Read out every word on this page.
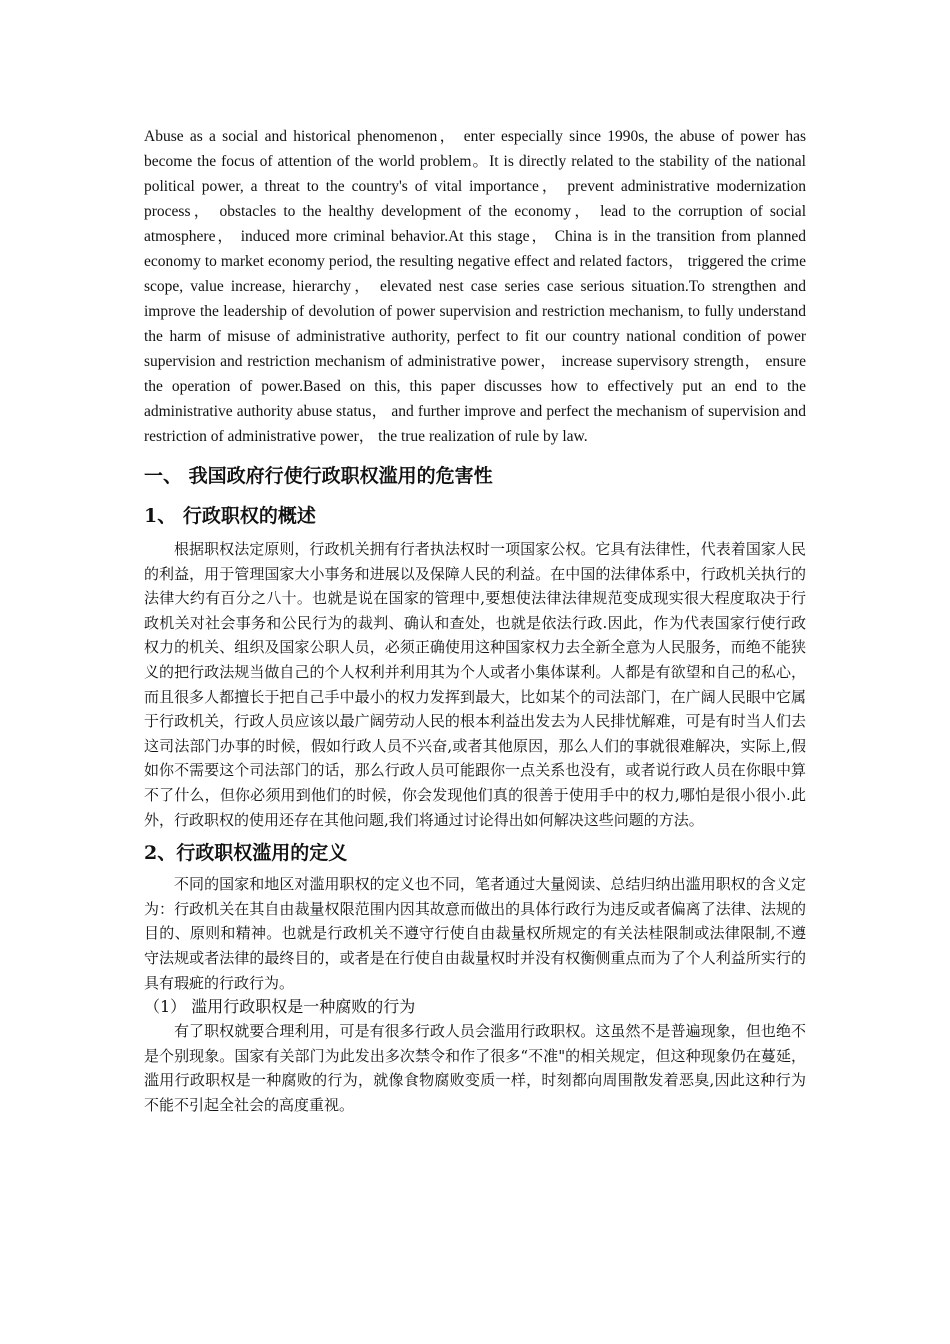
Abuse as a social and historical phenomenon， enter especially since 1990s, the abuse of power has become the focus of attention of the world problem。It is directly related to the stability of the national political power, a threat to the country's of vital importance， prevent administrative modernization process， obstacles to the healthy development of the economy， lead to the corruption of social atmosphere， induced more criminal behavior.At this stage， China is in the transition from planned economy to market economy period, the resulting negative effect and related factors， triggered the crime scope, value increase, hierarchy， elevated nest case series case serious situation.To strengthen and improve the leadership of devolution of power supervision and restriction mechanism, to fully understand the harm of misuse of administrative authority, perfect to fit our country national condition of power supervision and restriction mechanism of administrative power， increase supervisory strength， ensure the operation of power.Based on this, this paper discusses how to effectively put an end to the administrative authority abuse status， and further improve and perfect the mechanism of supervision and restriction of administrative power， the true realization of rule by law.

一、 我国政府行使行政职权滥用的危害性
1、 行政职权的概述

根据职权法定原则，行政机关拥有行者执法权时一项国家公权。它具有法律性，代表着国家人民的利益，用于管理国家大小事务和进展以及保障人民的利益。在中国的法律体系中，行政机关执行的法律大约有百分之八十。也就是说在国家的管理中,要想使法律法律规范变成现实很大程度取决于行政机关对社会事务和公民行为的裁判、确认和查处，也就是依法行政.因此，作为代表国家行使行政权力的机关、组织及国家公职人员，必须正确使用这种国家权力去全新全意为人民服务，而绝不能狭义的把行政法规当做自己的个人权利并利用其为个人或者小集体谋利。人都是有欲望和自己的私心，而且很多人都擅长于把自己手中最小的权力发挥到最大，比如某个的司法部门，在广阔人民眼中它属于行政机关，行政人员应该以最广阔劳动人民的根本利益出发去为人民排忧解难，可是有时当人们去这司法部门办事的时候，假如行政人员不兴奋,或者其他原因，那么人们的事就很难解决，实际上,假如你不需要这个司法部门的话，那么行政人员可能跟你一点关系也没有，或者说行政人员在你眼中算不了什么，但你必须用到他们的时候，你会发现他们真的很善于使用手中的权力,哪怕是很小很小.此外，行政职权的使用还存在其他问题,我们将通过讨论得出如何解决这些问题的方法。

2、行政职权滥用的定义

不同的国家和地区对滥用职权的定义也不同，笔者通过大量阅读、总结归纳出滥用职权的含义定为：行政机关在其自由裁量权限范围内因其故意而做出的具体行政行为违反或者偏离了法律、法规的目的、原则和精神。也就是行政机关不遵守行使自由裁量权所规定的有关法桂限制或法律限制,不遵守法规或者法律的最终目的，或者是在行使自由裁量权时并没有权衡侧重点而为了个人利益所实行的具有瑕疵的行政行为。

（1） 滥用行政职权是一种腐败的行为

有了职权就要合理利用，可是有很多行政人员会滥用行政职权。这虽然不是普遍现象，但也绝不是个别现象。国家有关部门为此发出多次禁令和作了很多“不准"的相关规定，但这种现象仍在蔓延，滥用行政职权是一种腐败的行为，就像食物腐败变质一样，时刻都向周围散发着恶臭,因此这种行为不能不引起全社会的高度重视。
